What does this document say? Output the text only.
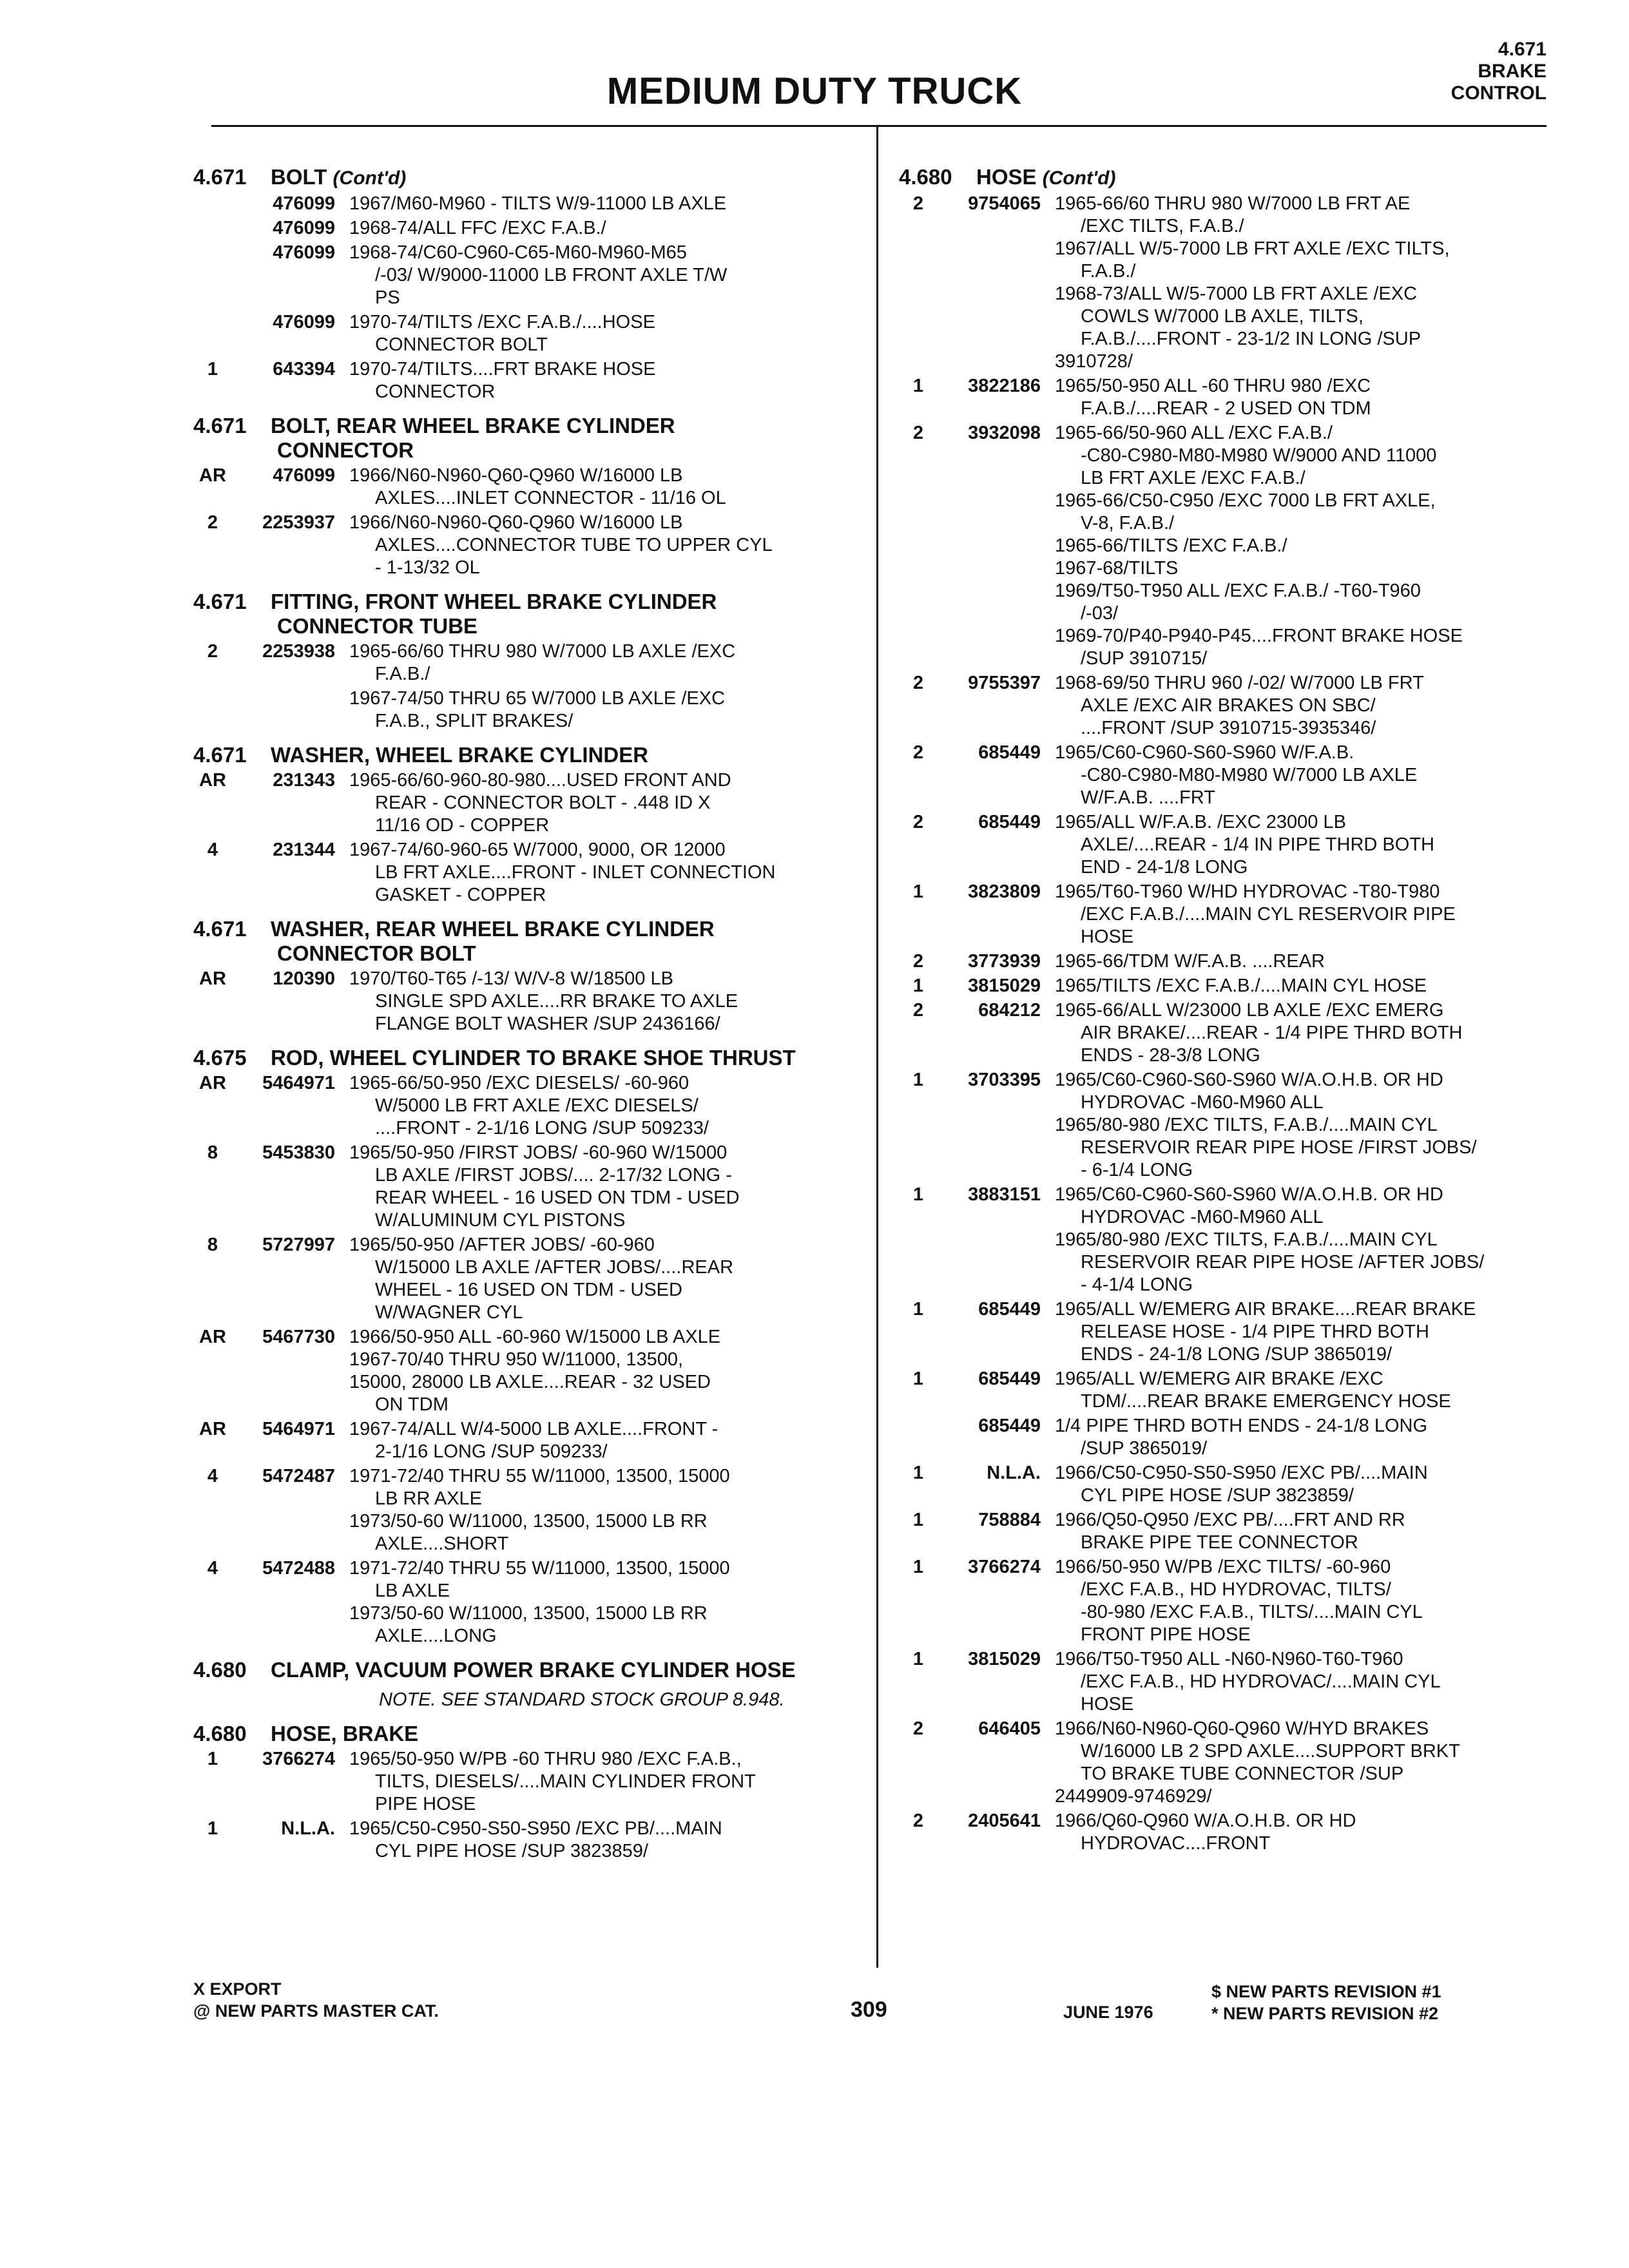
4.671
BRAKE
CONTROL
MEDIUM DUTY TRUCK
4.671 BOLT (Cont'd)
476099 1967/M60-M960 - TILTS W/9-11000 LB AXLE
476099 1968-74/ALL FFC /EXC F.A.B./
476099 1968-74/C60-C960-C65-M60-M960-M65
/-03/ W/9000-11000 LB FRONT AXLE T/W
PS
476099 1970-74/TILTS /EXC F.A.B./....HOSE
CONNECTOR BOLT
1	643394 1970-74/TILTS....FRT BRAKE HOSE
CONNECTOR
4.671 BOLT, REAR WHEEL BRAKE CYLINDER
CONNECTOR
AR	476099 1966/N60-N960-Q60-Q960 W/16000 LB
AXLES....INLET CONNECTOR - 11/16 OL
2	2253937 1966/N60-N960-Q60-Q960 W/16000 LB
AXLES....CONNECTOR TUBE TO UPPER CYL
- 1-13/32 OL
4.671 FITTING, FRONT WHEEL BRAKE CYLINDER
CONNECTOR TUBE
2	2253938 1965-66/60 THRU 980 W/7000 LB AXLE /EXC
F.A.B./
1967-74/50 THRU 65 W/7000 LB AXLE /EXC
F.A.B., SPLIT BRAKES/
4.671 WASHER, WHEEL BRAKE CYLINDER
AR	231343 1965-66/60-960-80-980....USED FRONT AND
REAR - CONNECTOR BOLT - .448 ID X
11/16 OD - COPPER
4	231344 1967-74/60-960-65 W/7000, 9000, OR 12000
LB FRT AXLE....FRONT - INLET CONNECTION
GASKET - COPPER
4.671 WASHER, REAR WHEEL BRAKE CYLINDER
CONNECTOR BOLT
AR	120390 1970/T60-T65 /-13/ W/V-8 W/18500 LB
SINGLE SPD AXLE....RR BRAKE TO AXLE
FLANGE BOLT WASHER /SUP 2436166/
4.675 ROD, WHEEL CYLINDER TO BRAKE SHOE THRUST
AR	5464971 1965-66/50-950 /EXC DIESELS/ -60-960
W/5000 LB FRT AXLE /EXC DIESELS/
....FRONT - 2-1/16 LONG /SUP 509233/
8	5453830 1965/50-950 /FIRST JOBS/ -60-960 W/15000
LB AXLE /FIRST JOBS/.... 2-17/32 LONG -
REAR WHEEL - 16 USED ON TDM - USED
W/ALUMINUM CYL PISTONS
8	5727997 1965/50-950 /AFTER JOBS/ -60-960
W/15000 LB AXLE /AFTER JOBS/....REAR
WHEEL - 16 USED ON TDM - USED
W/WAGNER CYL
AR	5467730 1966/50-950 ALL -60-960 W/15000 LB AXLE
1967-70/40 THRU 950 W/11000, 13500,
15000, 28000 LB AXLE....REAR - 32 USED
ON TDM
AR	5464971 1967-74/ALL W/4-5000 LB AXLE....FRONT -
2-1/16 LONG /SUP 509233/
4	5472487 1971-72/40 THRU 55 W/11000, 13500, 15000
LB RR AXLE
1973/50-60 W/11000, 13500, 15000 LB RR
AXLE....SHORT
4	5472488 1971-72/40 THRU 55 W/11000, 13500, 15000
LB AXLE
1973/50-60 W/11000, 13500, 15000 LB RR
AXLE....LONG
4.680 CLAMP, VACUUM POWER BRAKE CYLINDER HOSE
NOTE. SEE STANDARD STOCK GROUP 8.948.
4.680 HOSE, BRAKE
1	3766274 1965/50-950 W/PB -60 THRU 980 /EXC F.A.B.,
TILTS, DIESELS/....MAIN CYLINDER FRONT
PIPE HOSE
1	N.L.A. 1965/C50-C950-S50-S950 /EXC PB/....MAIN
CYL PIPE HOSE /SUP 3823859/
4.680 HOSE (Cont'd)
2	9754065 1965-66/60 THRU 980 W/7000 LB FRT AE
/EXC TILTS, F.A.B./
1967/ALL W/5-7000 LB FRT AXLE /EXC TILTS,
F.A.B./
1968-73/ALL W/5-7000 LB FRT AXLE /EXC
COWLS W/7000 LB AXLE, TILTS,
F.A.B./....FRONT - 23-1/2 IN LONG /SUP
3910728/
1	3822186 1965/50-950 ALL -60 THRU 980 /EXC
F.A.B./....REAR - 2 USED ON TDM
2	3932098 1965-66/50-960 ALL /EXC F.A.B./
-C80-C980-M80-M980 W/9000 AND 11000
LB FRT AXLE /EXC F.A.B./
1965-66/C50-C950 /EXC 7000 LB FRT AXLE,
V-8, F.A.B./
1965-66/TILTS /EXC F.A.B./
1967-68/TILTS
1969/T50-T950 ALL /EXC F.A.B./ -T60-T960
/-03/
1969-70/P40-P940-P45....FRONT BRAKE HOSE
/SUP 3910715/
2	9755397 1968-69/50 THRU 960 /-02/ W/7000 LB FRT
AXLE /EXC AIR BRAKES ON SBC/
....FRONT /SUP 3910715-3935346/
2	685449 1965/C60-C960-S60-S960 W/F.A.B.
-C80-C980-M80-M980 W/7000 LB AXLE
W/F.A.B. ....FRT
2	685449 1965/ALL W/F.A.B. /EXC 23000 LB
AXLE/....REAR - 1/4 IN PIPE THRD BOTH
END - 24-1/8 LONG
1	3823809 1965/T60-T960 W/HD HYDROVAC -T80-T980
/EXC F.A.B./....MAIN CYL RESERVOIR PIPE
HOSE
2	3773939 1965-66/TDM W/F.A.B. ....REAR
1	3815029 1965/TILTS /EXC F.A.B./....MAIN CYL HOSE
2	684212 1965-66/ALL W/23000 LB AXLE /EXC EMERG
AIR BRAKE/....REAR - 1/4 PIPE THRD BOTH
ENDS - 28-3/8 LONG
1	3703395 1965/C60-C960-S60-S960 W/A.O.H.B. OR HD
HYDROVAC -M60-M960 ALL
1965/80-980 /EXC TILTS, F.A.B./....MAIN CYL
RESERVOIR REAR PIPE HOSE /FIRST JOBS/
- 6-1/4 LONG
1	3883151 1965/C60-C960-S60-S960 W/A.O.H.B. OR HD
HYDROVAC -M60-M960 ALL
1965/80-980 /EXC TILTS, F.A.B./....MAIN CYL
RESERVOIR REAR PIPE HOSE /AFTER JOBS/
- 4-1/4 LONG
1	685449 1965/ALL W/EMERG AIR BRAKE....REAR BRAKE
RELEASE HOSE - 1/4 PIPE THRD BOTH
ENDS - 24-1/8 LONG /SUP 3865019/
1	685449 1965/ALL W/EMERG AIR BRAKE /EXC
TDM/....REAR BRAKE EMERGENCY HOSE
685449 1/4 PIPE THRD BOTH ENDS - 24-1/8 LONG
/SUP 3865019/
1	N.L.A. 1966/C50-C950-S50-S950 /EXC PB/....MAIN
CYL PIPE HOSE /SUP 3823859/
1	758884 1966/Q50-Q950 /EXC PB/....FRT AND RR
BRAKE PIPE TEE CONNECTOR
1	3766274 1966/50-950 W/PB /EXC TILTS/ -60-960
/EXC F.A.B., HD HYDROVAC, TILTS/
-80-980 /EXC F.A.B., TILTS/....MAIN CYL
FRONT PIPE HOSE
1	3815029 1966/T50-T950 ALL -N60-N960-T60-T960
/EXC F.A.B., HD HYDROVAC/....MAIN CYL
HOSE
2	646405 1966/N60-N960-Q60-Q960 W/HYD BRAKES
W/16000 LB 2 SPD AXLE....SUPPORT BRKT
TO BRAKE TUBE CONNECTOR /SUP
2449909-9746929/
2	2405641 1966/Q60-Q960 W/A.O.H.B. OR HD
HYDROVAC....FRONT
X EXPORT
@ NEW PARTS MASTER CAT.	309	JUNE 1976
$ NEW PARTS REVISION #1
* NEW PARTS REVISION #2
